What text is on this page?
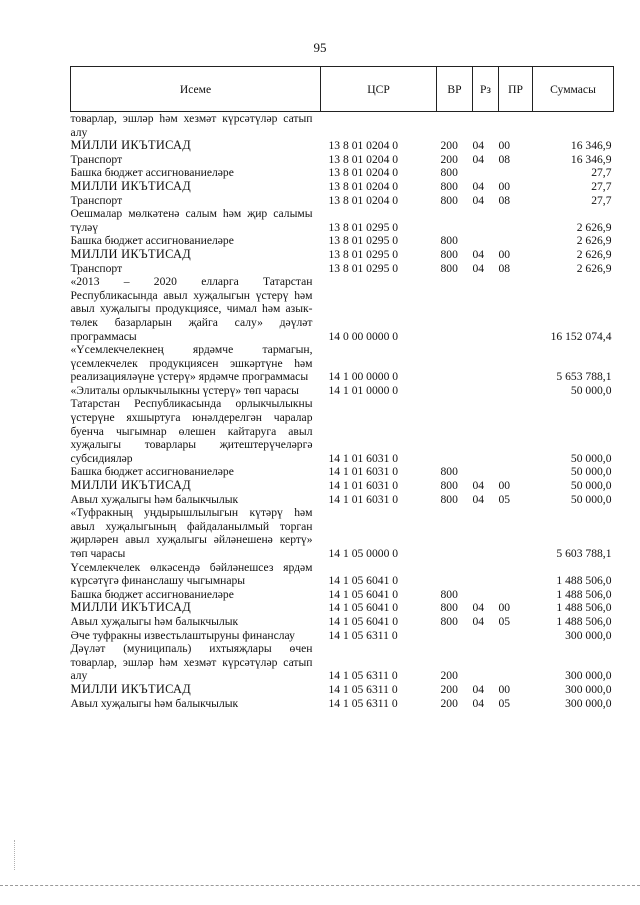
95
Исеме	ЦСР	ВР	Рз	ПР	Суммасы
товарлар, эшләр һәм хезмәт күрсәтүләр сатып алу					
МИЛЛИ ИКЪТИСАД	13 8 01 0204 0	200	04	00	16 346,9
Транспорт	13 8 01 0204 0	200	04	08	16 346,9
Башка бюджет ассигнованиеләре	13 8 01 0204 0	800			27,7
МИЛЛИ ИКЪТИСАД	13 8 01 0204 0	800	04	00	27,7
Транспорт	13 8 01 0204 0	800	04	08	27,7
Оешмалар мөлкәтенә салым һәм җир салымы түләү	13 8 01 0295 0				2 626,9
Башка бюджет ассигнованиеләре	13 8 01 0295 0	800			2 626,9
МИЛЛИ ИКЪТИСАД	13 8 01 0295 0	800	04	00	2 626,9
Транспорт	13 8 01 0295 0	800	04	08	2 626,9
«2013 – 2020 елларга Татарстан Республикасында авыл хуҗалыгын үстерү һәм авыл хуҗалыгы продукциясе, чимал һәм азык-төлек базарларын җайга салу» дәүләт программасы	14 0 00 0000 0				16 152 074,4
«Үсемлекчелекнең ярдәмче тармагын, үсемлекчелек продукциясен эшкәртүне һәм реализацияләүне үстерү» ярдәмче программасы	14 1 00 0000 0				5 653 788,1
«Элиталы орлыкчылыкны үстерү» төп чарасы	14 1 01 0000 0				50 000,0
Татарстан Республикасында орлыкчылыкны үстерүне яхшыртуга юнәлдерелгән чаралар буенча чыгымнар өлешен кайтаруга авыл хуҗалыгы товарлары җитештерүчеләргә субсидияләр	14 1 01 6031 0				50 000,0
Башка бюджет ассигнованиеләре	14 1 01 6031 0	800			50 000,0
МИЛЛИ ИКЪТИСАД	14 1 01 6031 0	800	04	00	50 000,0
Авыл хуҗалыгы һәм балыкчылык	14 1 01 6031 0	800	04	05	50 000,0
«Туфракның уңдырышлылыгын күтәрү һәм авыл хуҗалыгының файдаланылмый торган җирләрен авыл хуҗалыгы әйләнешенә кертү» төп чарасы	14 1 05 0000 0				5 603 788,1
Үсемлекчелек өлкәсендә бәйләнешсез ярдәм күрсәтүгә финанслашу чыгымнары	14 1 05 6041 0				1 488 506,0
Башка бюджет ассигнованиеләре	14 1 05 6041 0	800			1 488 506,0
МИЛЛИ ИКЪТИСАД	14 1 05 6041 0	800	04	00	1 488 506,0
Авыл хуҗалыгы һәм балыкчылык	14 1 05 6041 0	800	04	05	1 488 506,0
Әче туфракны известьлаштыруны финанслау	14 1 05 6311 0				300 000,0
Дәүләт (муниципаль) ихтыяҗлары өчен товарлар, эшләр һәм хезмәт күрсәтүләр сатып алу	14 1 05 6311 0	200			300 000,0
МИЛЛИ ИКЪТИСАД	14 1 05 6311 0	200	04	00	300 000,0
Авыл хуҗалыгы һәм балыкчылык	14 1 05 6311 0	200	04	05	300 000,0
